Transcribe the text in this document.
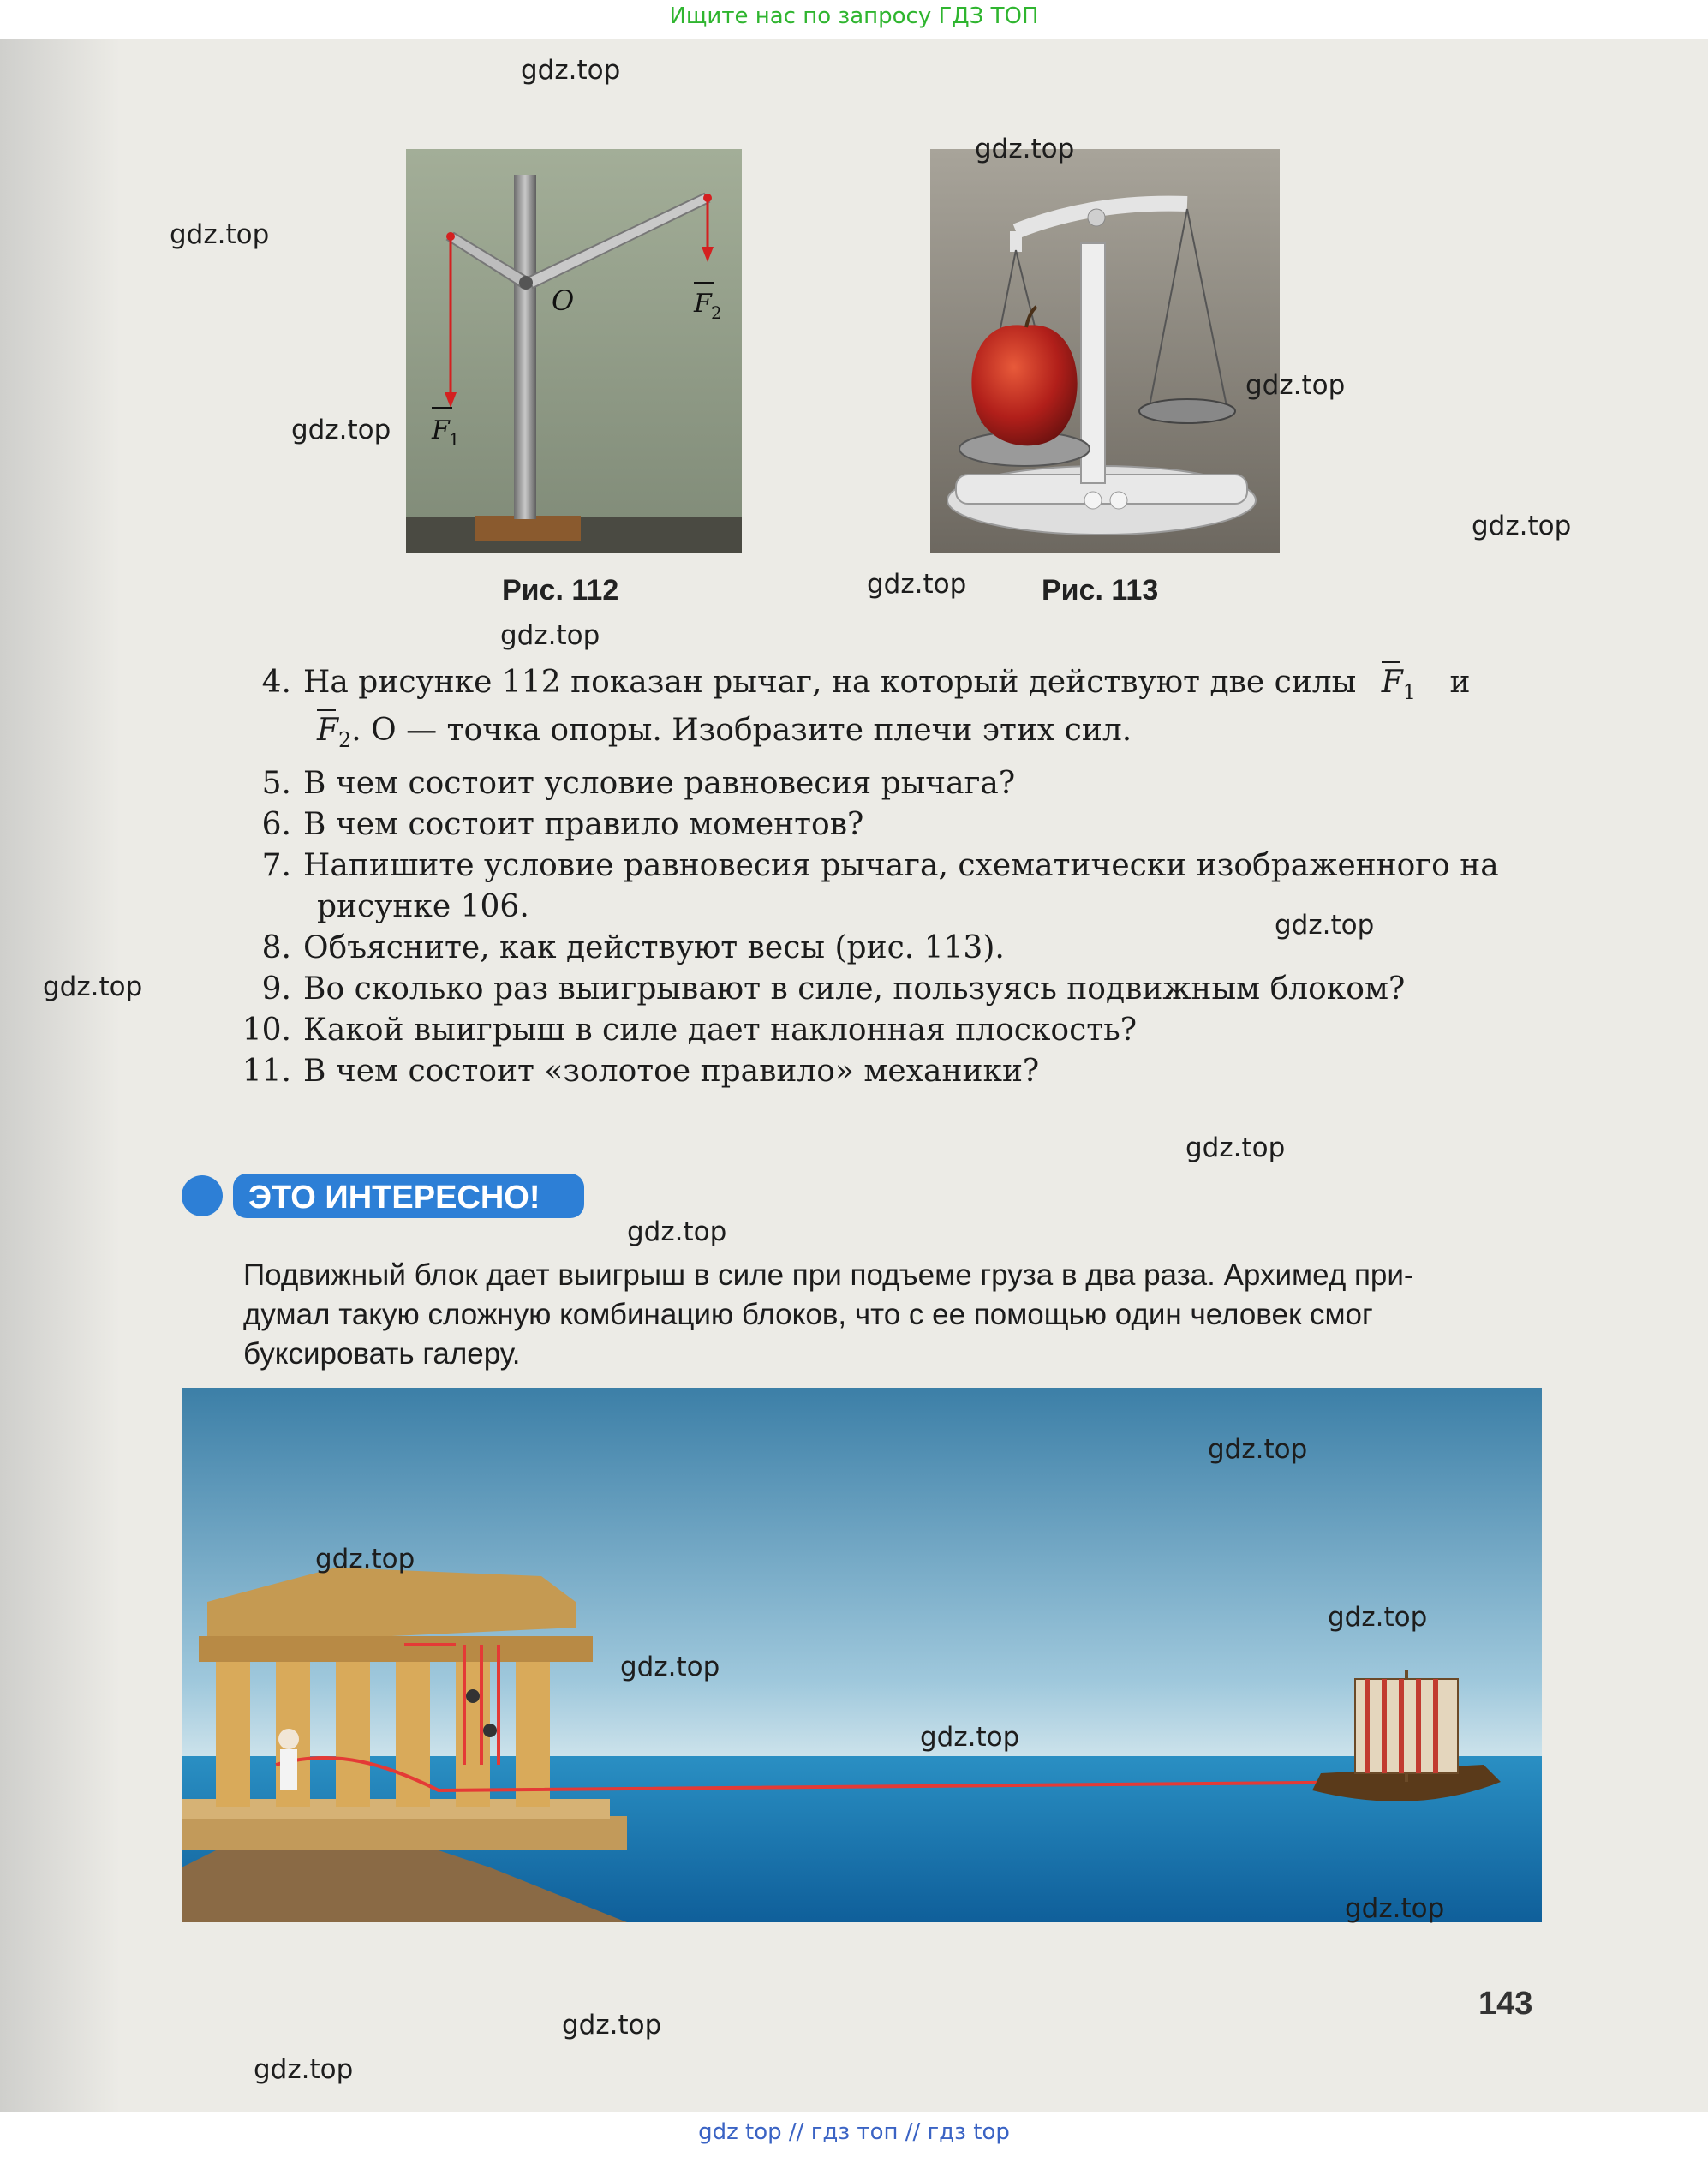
Ищите нас по запросу ГДЗ ТОП
O
F 1
F 2
Рис. 112	Рис. 113
4. На рисунке 112 показан рычаг, на который действуют две силы $F_1$ и
$F_2$. O — точка опоры. Изобразите плечи этих сил.
5. В чем состоит условие равновесия рычага?
6. В чем состоит правило моментов?
7. Напишите условие равновесия рычага, схематически изображенного на
рисунке 106.
8. Объясните, как действуют весы (рис. 113).
9. Во сколько раз выигрывают в силе, пользуясь подвижным блоком?
10. Какой выигрыш в силе дает наклонная плоскость?
11. В чем состоит «золотое правило» механики?
ЭТО ИНТЕРЕСНО!
Подвижный блок дает выигрыш в силе при подъеме груза в два раза. Архимед при-
думал такую сложную комбинацию блоков, что с ее помощью один человек смог
буксировать галеру.
143
gdz.top
gdz.top
gdz.top
gdz.top
gdz.top
gdz.top
gdz.top
gdz.top
gdz.top
gdz.top
gdz.top
gdz.top
gdz.top
gdz.top
gdz.top
gdz.top
gdz.top
gdz.top
gdz.top
gdz.top
gdz top // гдз топ // гдз top
